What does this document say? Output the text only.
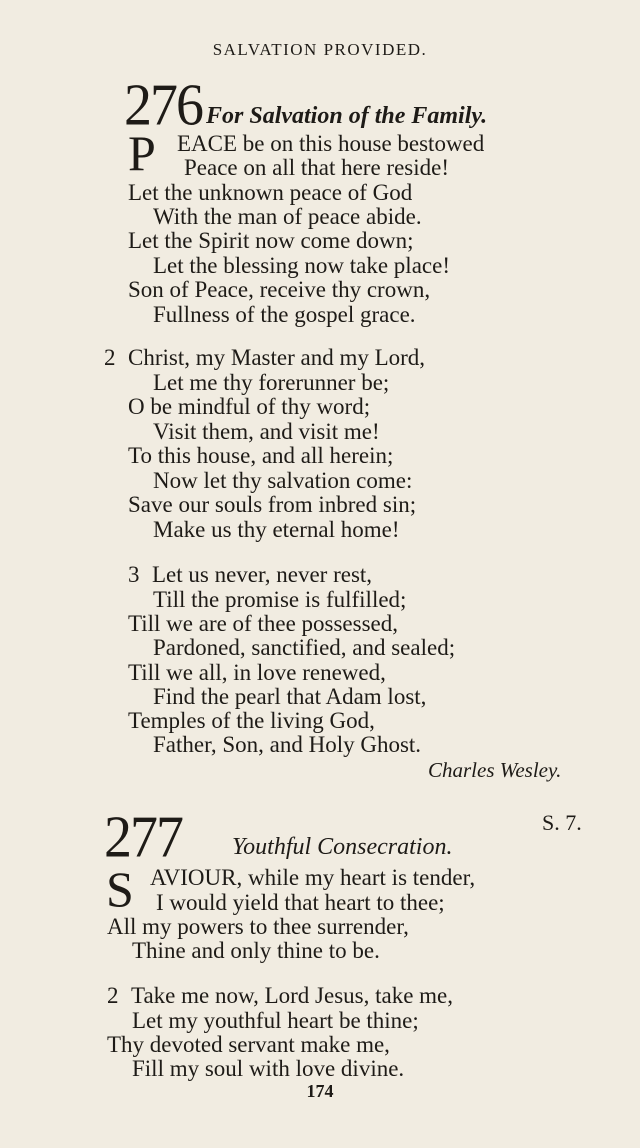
SALVATION PROVIDED.
276 For Salvation of the Family.
P EACE be on this house bestowed
Peace on all that here reside!
Let the unknown peace of God
With the man of peace abide.
Let the Spirit now come down;
Let the blessing now take place!
Son of Peace, receive thy crown,
Fullness of the gospel grace.
2 Christ, my Master and my Lord,
Let me thy forerunner be;
O be mindful of thy word;
Visit them, and visit me!
To this house, and all herein;
Now let thy salvation come:
Save our souls from inbred sin;
Make us thy eternal home!
3 Let us never, never rest,
Till the promise is fulfilled;
Till we are of thee possessed,
Pardoned, sanctified, and sealed;
Till we all, in love renewed,
Find the pearl that Adam lost,
Temples of the living God,
Father, Son, and Holy Ghost.
Charles Wesley.
277	S. 7.
Youthful Consecration.
S AVIOUR, while my heart is tender,
I would yield that heart to thee;
All my powers to thee surrender,
Thine and only thine to be.
2 Take me now, Lord Jesus, take me,
Let my youthful heart be thine;
Thy devoted servant make me,
Fill my soul with love divine.
174
